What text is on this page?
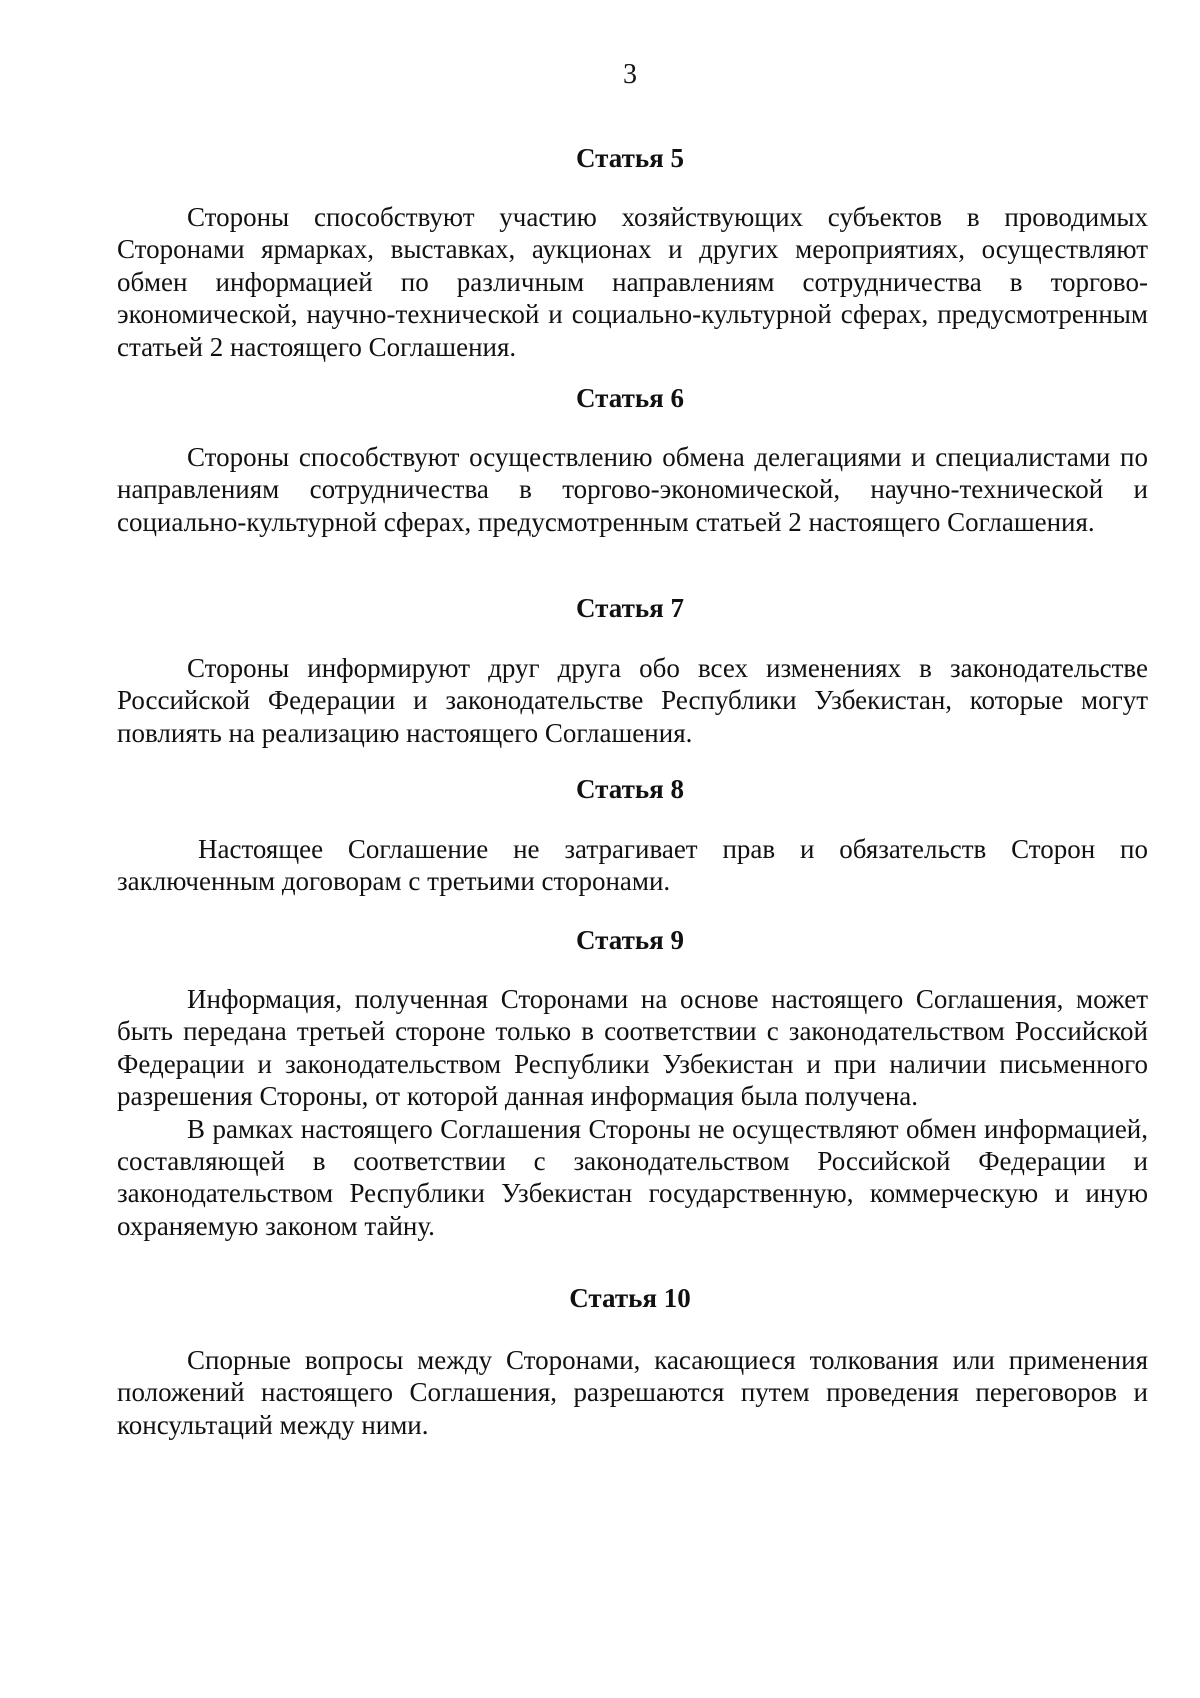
3
Статья 5

Стороны способствуют участию хозяйствующих субъектов в проводимых Сторонами ярмарках, выставках, аукционах и других мероприятиях, осуществляют обмен информацией по различным направлениям сотрудничества в торгово-экономической, научно-технической и социально-культурной сферах, предусмотренным статьей 2 настоящего Соглашения.

Статья 6

Стороны способствуют осуществлению обмена делегациями и специалистами по направлениям сотрудничества в торгово-экономической, научно-технической и социально-культурной сферах, предусмотренным статьей 2 настоящего Соглашения.

Статья 7

Стороны информируют друг друга обо всех изменениях в законодательстве Российской Федерации и законодательстве Республики Узбекистан, которые могут повлиять на реализацию настоящего Соглашения.

Статья 8

Настоящее Соглашение не затрагивает прав и обязательств Сторон по заключенным договорам с третьими сторонами.

Статья 9

Информация, полученная Сторонами на основе настоящего Соглашения, может быть передана третьей стороне только в соответствии с законодательством Российской Федерации и законодательством Республики Узбекистан и при наличии письменного разрешения Стороны, от которой данная информация была получена.

В рамках настоящего Соглашения Стороны не осуществляют обмен информацией, составляющей в соответствии с законодательством Российской Федерации и законодательством Республики Узбекистан государственную, коммерческую и иную охраняемую законом тайну.

Статья 10

Спорные вопросы между Сторонами, касающиеся толкования или применения положений настоящего Соглашения, разрешаются путем проведения переговоров и консультаций между ними.
